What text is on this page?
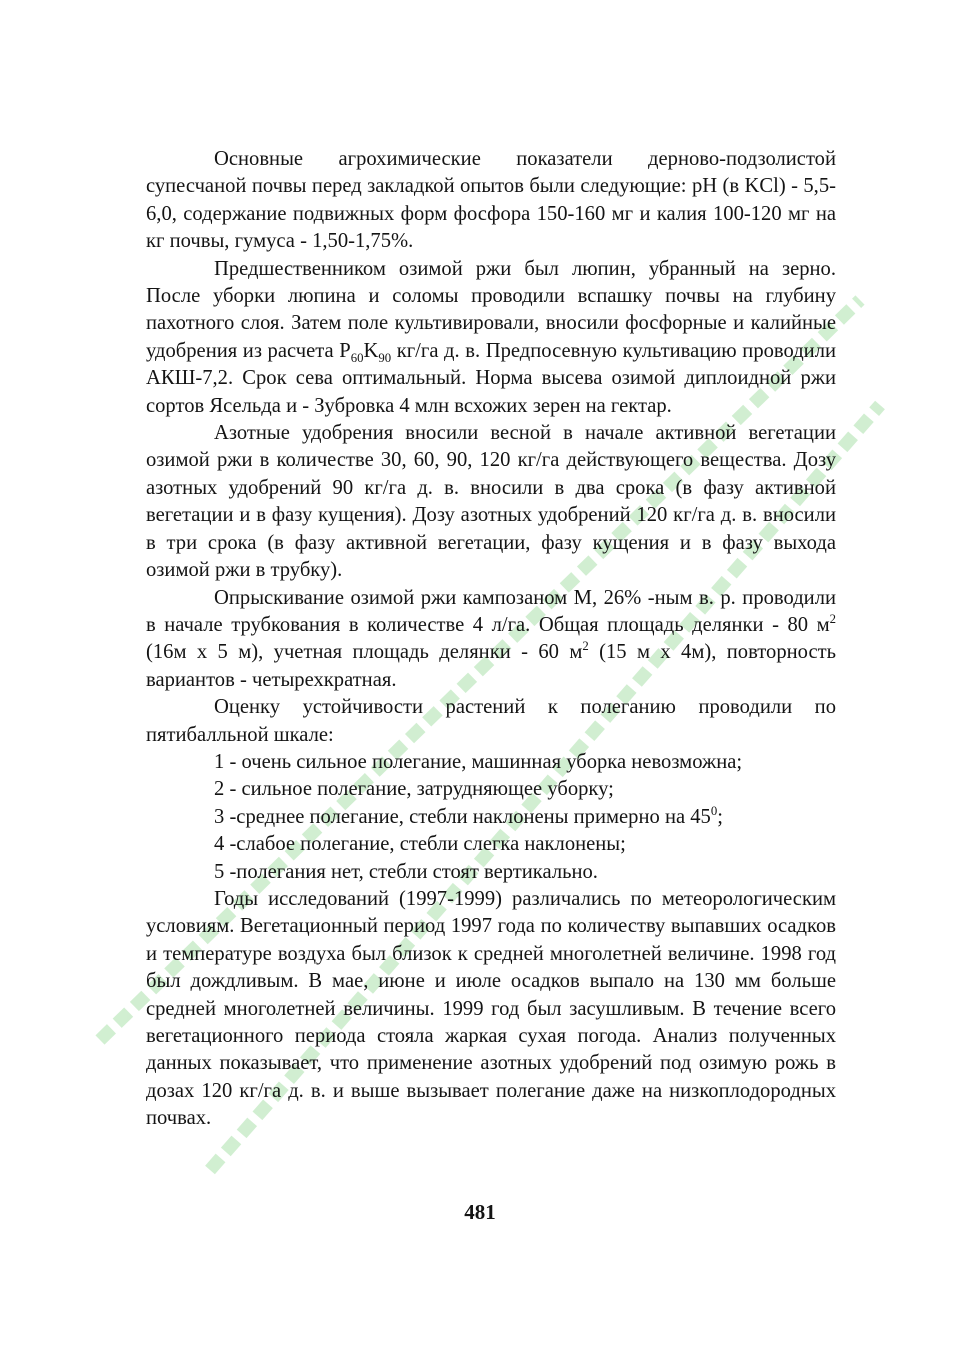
Основные агрохимические показатели дерново-подзолистой супесчаной почвы перед закладкой опытов были следующие: pH (в KCl) - 5,5-6,0, содержание подвижных форм фосфора 150-160 мг и калия 100-120 мг на кг почвы, гумуса - 1,50-1,75%.

Предшественником озимой ржи был люпин, убранный на зерно. После уборки люпина и соломы проводили вспашку почвы на глубину пахотного слоя. Затем поле культивировали, вносили фосфорные и калийные удобрения из расчета $P_{60}K_{90}$ кг/га д. в. Предпосевную культивацию проводили АКШ-7,2. Срок сева оптимальный. Норма высева озимой диплоидной ржи сортов Ясельда и - Зубровка 4 млн всхожих зерен на гектар.

Азотные удобрения вносили весной в начале активной вегетации озимой ржи в количестве 30, 60, 90, 120 кг/га действующего вещества. Дозу азотных удобрений 90 кг/га д. в. вносили в два срока (в фазу активной вегетации и в фазу кущения). Дозу азотных удобрений 120 кг/га д. в. вносили в три срока (в фазу активной вегетации, фазу кущения и в фазу выхода озимой ржи в трубку).

Опрыскивание озимой ржи кампозаном М, 26% -ным в. р. проводили в начале трубкования в количестве 4 л/га. Общая площадь делянки - 80 $м^2$ (16м х 5 м), учетная площадь делянки - 60 $м^2$ (15 м х 4м), повторность вариантов - четырехкратная.

Оценку устойчивости растений к полеганию проводили по пятибалльной шкале:

1 - очень сильное полегание, машинная уборка невозможна;
2 - сильное полегание, затрудняющее уборку;
3 -среднее полегание, стебли наклонены примерно на $45^0$;
4 -слабое полегание, стебли слегка наклонены;
5 -полегания нет, стебли стоят вертикально.

Годы исследований (1997-1999) различались по метеорологическим условиям. Вегетационный период 1997 года по количеству выпавших осадков и температуре воздуха был близок к средней многолетней величине. 1998 год был дождливым. В мае, июне и июле осадков выпало на 130 мм больше средней многолетней величины. 1999 год был засушливым. В течение всего вегетационного периода стояла жаркая сухая погода. Анализ полученных данных показывает, что применение азотных удобрений под озимую рожь в дозах 120 кг/га д. в. и выше вызывает полегание даже на низкоплодородных почвах.

481
